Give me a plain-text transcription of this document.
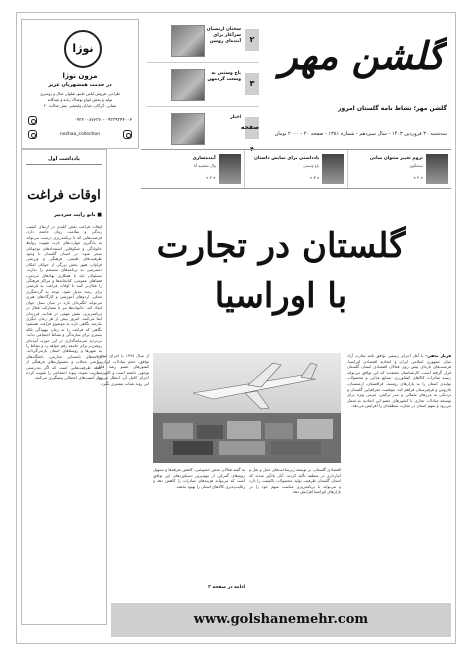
گلشن مهر
گلشن مهر؛ نشاط نامه گلستان امروز
سه‌شنبه ۳۰ فروردین ۱۴۰۳ - سال سیزدهم - شماره ۱۳۸۱ - صفحه ۲۰ - ۲۰۰۰ تومان
۲
سخنان ارتشیان سرآغاز برای آینده‌ای روشن
۳
پاچ وستنی به وسعت گردمهن
صفحه ۴
اخبار
نوژا
مزون نوژا
در خدمت همشهریان عزیز
طراحی، فروش لباس مانتو، شلوار، شال و روسری
تولید و پخش انواع پوشاک زنانه و بچه‌گانه
نشانی: گرگان، خیابان ولیعصر، نبش عدالت ۲۰
۰۹۳۲۰۰۸۷۶۳۷ - ۰۹۳۳۹۳۴۴۰۰۲
nozhaa_collection
تزوم تغییر متنوان میانی
سخنگوی
« ۲ »
یادداشتی برای نمایش داستان
یاغ وستنی
« ۳ »
آینده‌سازی
وال معصیه آتا
« ۲ »
یادداشت اول
اوقات فراغت
■ بانو رایت سردبیر
اوقات فراغت نقش کلیدی در ارتقای کیفیت زندگی و سلامت روان جامعه دارد. فرصت‌هایی که با برنامه‌ریزی درست می‌تواند به یادگیری مهارت‌های تازه، تقویت روابط خانوادگی و شکوفایی استعدادهای نوجوانان منجر شود. در استان گلستان با وجود ظرفیت‌های طبیعی، فرهنگی و ورزشی فراوان، هنوز بخش بزرگی از جوانان امکان دسترسی به برنامه‌های منسجم را ندارند. مسئولان باید با همکاری نهادهای مردمی، فضاهای عمومی، کتابخانه‌ها و مراکز فرهنگی را فعال‌تر کنند تا اوقات فراغت به فرصتی برای رشد تبدیل شود. توجه به گردشگری محلی، اردوهای آموزشی و کارگاه‌های هنری می‌تواند انگیزه‌ای تازه در میان نسل جوان ایجاد کند. خانواده‌ها نیز با مشارکت فعال در برنامه‌ریزی، نقش مهمی در هدایت فرزندان ایفا می‌کنند. امروز بیش از هر زمان دیگری نیازمند نگاهی تازه به موضوع فراغت هستیم؛ نگاهی که فراغت را نه زمان بیهودگی بلکه بستری برای سازندگی و نشاط اجتماعی بداند. بی‌تردید سرمایه‌گذاری در این حوزه، آینده‌ای روشن‌تر برای جامعه رقم خواهد زد و نشاط را به شهرها و روستاهای استان بازمی‌گرداند. برنامه‌های تابستانی مدارس، باشگاه‌های ورزشی محلات و جشنواره‌های فرهنگی از جمله ظرفیت‌هایی است که اگر به‌درستی مدیریت شوند، پیوند اجتماعی را تقویت کرده و از آسیب‌های احتمالی پیشگیری می‌کنند.
گلستان در تجارت
با اوراسیا
فرناز نجفی- با آغاز اجرای رسمی توافق نامه تجارت آزاد میان جمهوری اسلامی ایران و اتحادیه اقتصادی اوراسیا، فرصت‌های تازه‌ای پیش روی فعالان اقتصادی استان گلستان قرار گرفته است. کارشناسان معتقدند که این توافق می‌تواند زمینه صادرات کالاهای کشاورزی، صنایع غذایی و محصولات تولیدی استان را به بازارهای روسیه، قزاقستان، ارمنستان، بلاروس و قرقیزستان فراهم کند. موقعیت جغرافیایی گلستان و نزدیکی به مرزهای شمالی و بندر ترکمن، مزیتی ویژه برای توسعه مبادلات تجاری با کشورهای عضو این اتحادیه به شمار می‌رود و سهم استان در تجارت منطقه‌ای را افزایش می‌دهد.
اقتصادی گلستان، بر توسعه زیرساخت‌های حمل و نقل و انبارداری در منطقه تأکید کردند. آنان یادآور شدند که استان گلستان ظرفیت تولید محصولات باکیفیت را دارد و می‌تواند با برنامه‌ریزی مناسب سهم خود را در بازارهای اوراسیا افزایش دهد.
به گفته فعالان بخش خصوصی، کاهش تعرفه‌ها و تسهیل رویه‌های گمرکی از مهم‌ترین دستاوردهای این توافق است که می‌تواند هزینه‌های صادرات را کاهش دهد و رقابت‌پذیری کالاهای استان را بهبود بخشد.
از سال ۱۳۹۸ با اجرای موقت توافق، حجم مبادلات ایران با کشورهای عضو رشد قابل توجهی داشته است و اکنون با اجرای کامل آن، انتظار می‌رود این روند شتاب بیشتری بگیرد.
ادامه در صفحه ۲
www.golshanemehr.com
